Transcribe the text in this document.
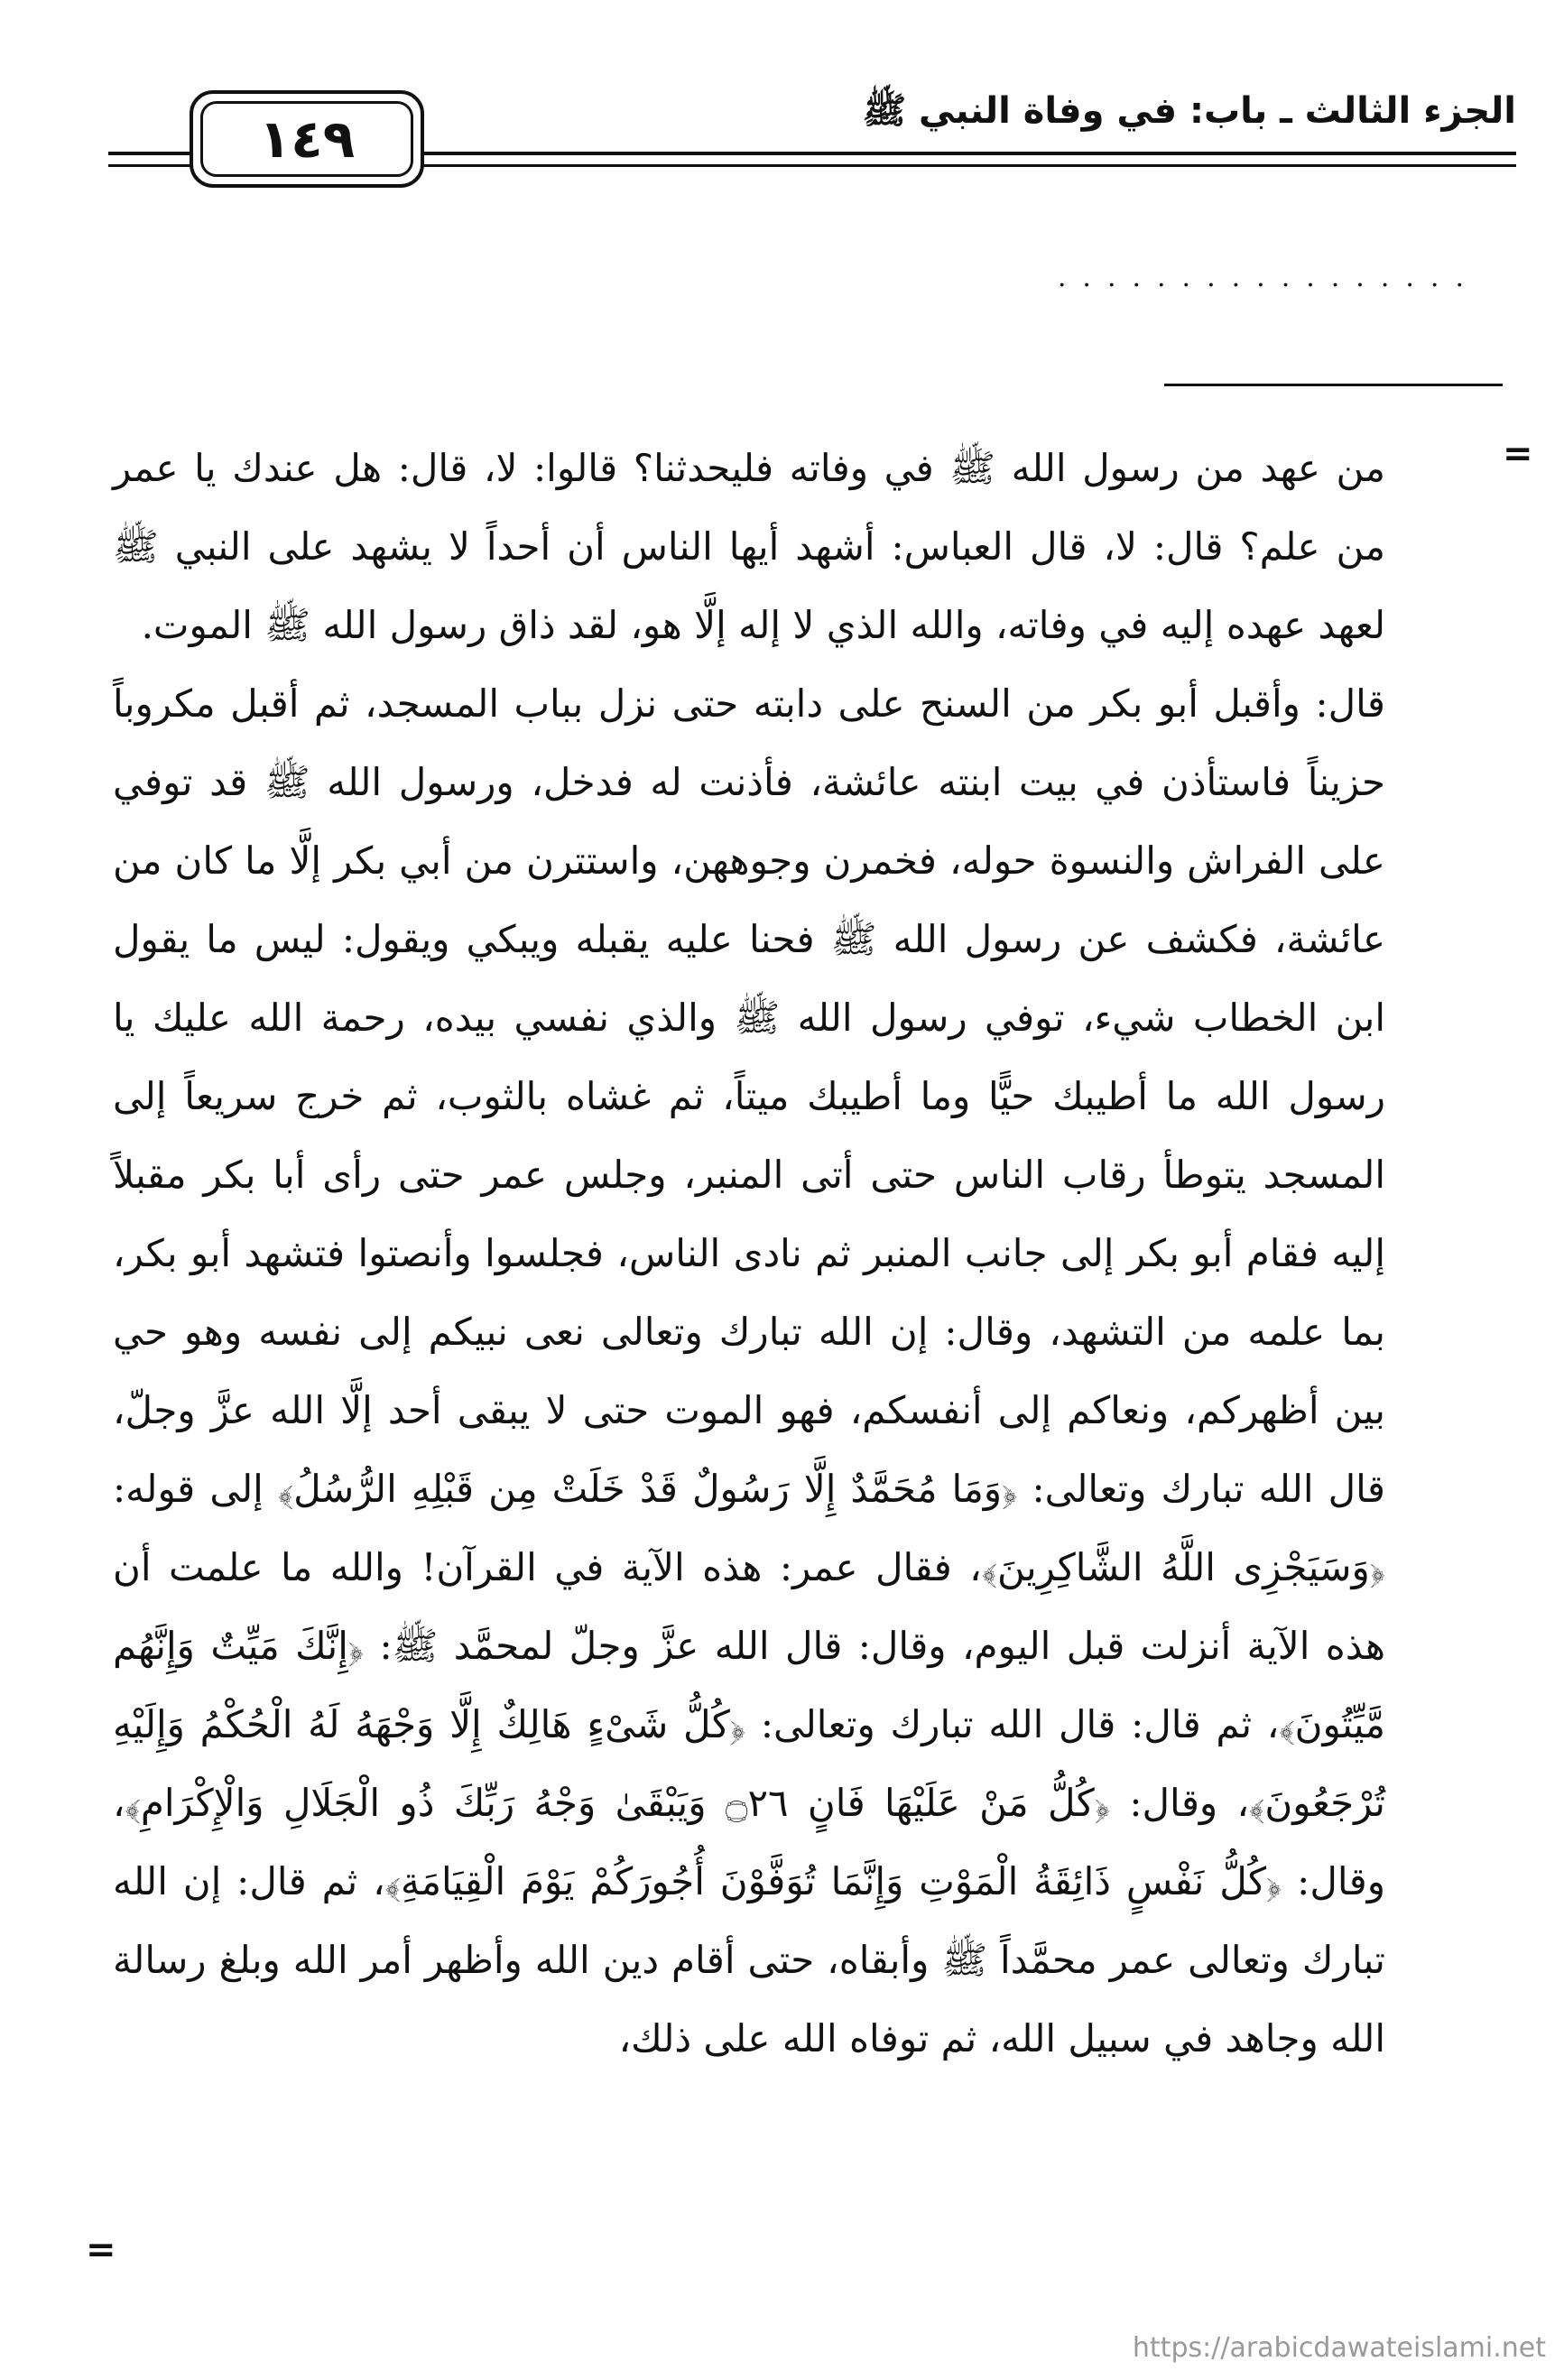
الجزء الثالث ـ باب: في وفاة النبي ﷺ
١٤٩
.................
=

من عهد من رسول الله ﷺ في وفاته فليحدثنا؟ قالوا: لا، قال: هل عندك يا عمر من علم؟ قال: لا، قال العباس: أشهد أيها الناس أن أحداً لا يشهد على النبي ﷺ لعهد عهده إليه في وفاته، والله الذي لا إله إلَّا هو، لقد ذاق رسول الله ﷺ الموت.

قال: وأقبل أبو بكر من السنح على دابته حتى نزل بباب المسجد، ثم أقبل مكروباً حزيناً فاستأذن في بيت ابنته عائشة، فأذنت له فدخل، ورسول الله ﷺ قد توفي على الفراش والنسوة حوله، فخمرن وجوههن، واستترن من أبي بكر إلَّا ما كان من عائشة، فكشف عن رسول الله ﷺ فحنا عليه يقبله ويبكي ويقول: ليس ما يقول ابن الخطاب شيء، توفي رسول الله ﷺ والذي نفسي بيده، رحمة الله عليك يا رسول الله ما أطيبك حيًّا وما أطيبك ميتاً، ثم غشاه بالثوب، ثم خرج سريعاً إلى المسجد يتوطأ رقاب الناس حتى أتى المنبر، وجلس عمر حتى رأى أبا بكر مقبلاً إليه فقام أبو بكر إلى جانب المنبر ثم نادى الناس، فجلسوا وأنصتوا فتشهد أبو بكر، بما علمه من التشهد، وقال: إن الله تبارك وتعالى نعى نبيكم إلى نفسه وهو حي بين أظهركم، ونعاكم إلى أنفسكم، فهو الموت حتى لا يبقى أحد إلَّا الله عزَّ وجلّ، قال الله تبارك وتعالى: ﴿وَمَا مُحَمَّدٌ إِلَّا رَسُولٌ قَدْ خَلَتْ مِن قَبْلِهِ الرُّسُلُ﴾ إلى قوله: ﴿وَسَيَجْزِى اللَّهُ الشَّاكِرِينَ﴾، فقال عمر: هذه الآية في القرآن! والله ما علمت أن هذه الآية أنزلت قبل اليوم، وقال: قال الله عزَّ وجلّ لمحمَّد ﷺ: ﴿إِنَّكَ مَيِّتٌ وَإِنَّهُم مَّيِّتُونَ﴾، ثم قال: قال الله تبارك وتعالى: ﴿كُلُّ شَىْءٍ هَالِكٌ إِلَّا وَجْهَهُ لَهُ الْحُكْمُ وَإِلَيْهِ تُرْجَعُونَ﴾، وقال: ﴿كُلُّ مَنْ عَلَيْهَا فَانٍ ۝٢٦ وَيَبْقَىٰ وَجْهُ رَبِّكَ ذُو الْجَلَالِ وَالْإِكْرَامِ﴾، وقال: ﴿كُلُّ نَفْسٍ ذَائِقَةُ الْمَوْتِ وَإِنَّمَا تُوَفَّوْنَ أُجُورَكُمْ يَوْمَ الْقِيَامَةِ﴾، ثم قال: إن الله تبارك وتعالى عمر محمَّداً ﷺ وأبقاه، حتى أقام دين الله وأظهر أمر الله وبلغ رسالة الله وجاهد في سبيل الله، ثم توفاه الله على ذلك،

=
https://arabicdawateislami.net
